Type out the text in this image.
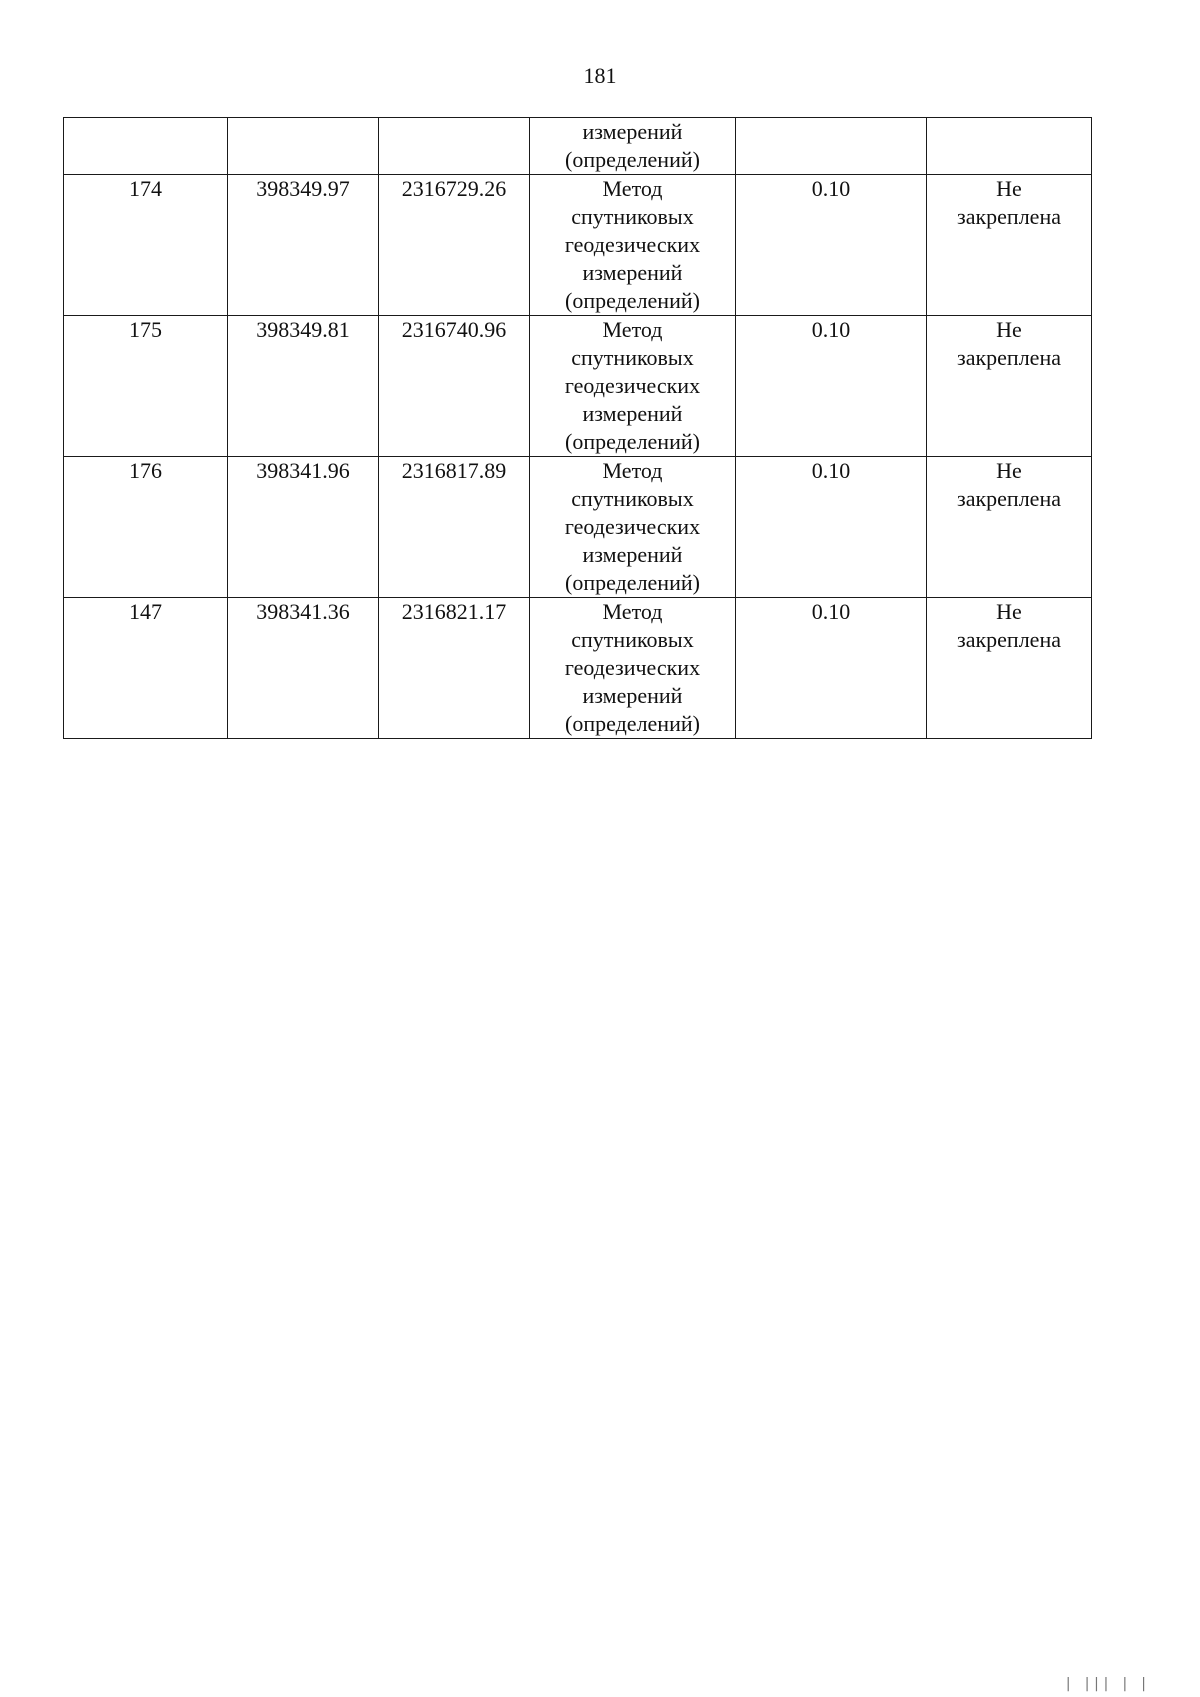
181

			измерений
(определений)		

174	398349.97	2316729.26	Метод
спутниковых
геодезических
измерений
(определений)	0.10	Не
закреплена

175	398349.81	2316740.96	Метод
спутниковых
геодезических
измерений
(определений)	0.10	Не
закреплена

176	398341.96	2316817.89	Метод
спутниковых
геодезических
измерений
(определений)	0.10	Не
закреплена

147	398341.36	2316821.17	Метод
спутниковых
геодезических
измерений
(определений)	0.10	Не
закреплена
| ||| | |
